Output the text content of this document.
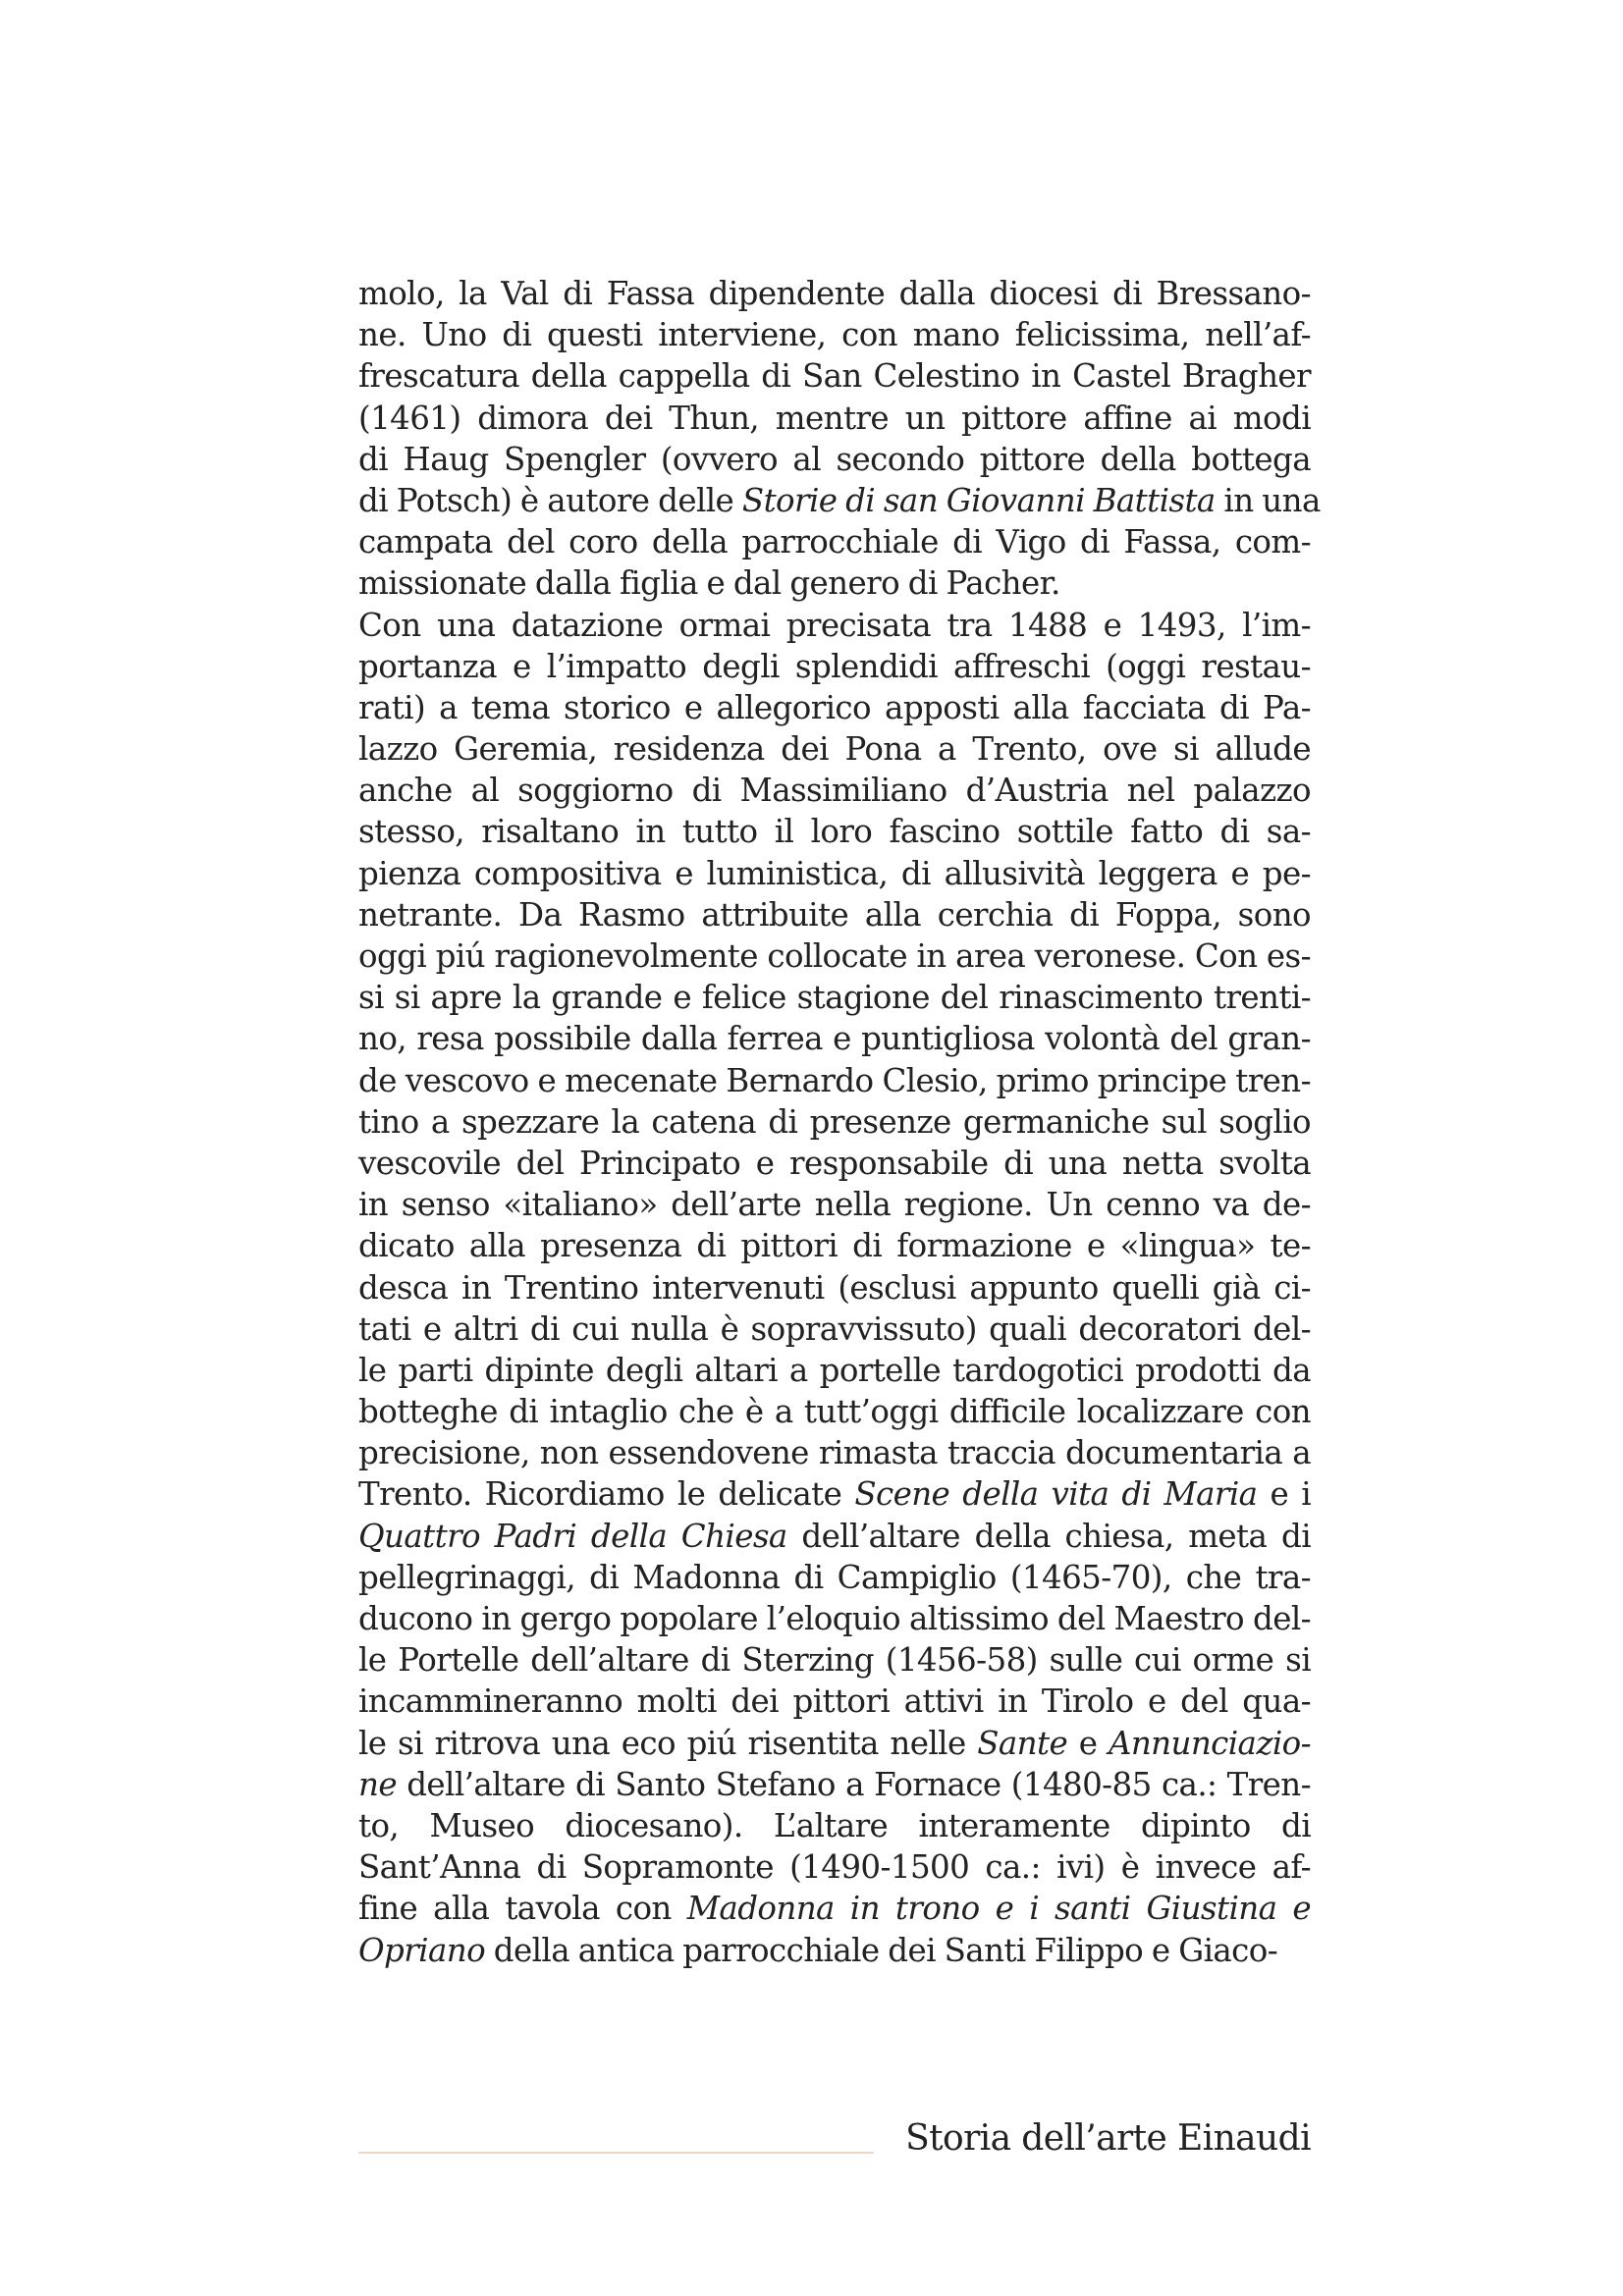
molo, la Val di Fassa dipendente dalla diocesi di Bressano-
ne. Uno di questi interviene, con mano felicissima, nell’af-
frescatura della cappella di San Celestino in Castel Bragher
(1461) dimora dei Thun, mentre un pittore affine ai modi
di Haug Spengler (ovvero al secondo pittore della bottega
di Potsch) è autore delle Storie di san Giovanni Battista in una
campata del coro della parrocchiale di Vigo di Fassa, com-
missionate dalla figlia e dal genero di Pacher.
Con una datazione ormai precisata tra 1488 e 1493, l’im-
portanza e l’impatto degli splendidi affreschi (oggi restau-
rati) a tema storico e allegorico apposti alla facciata di Pa-
lazzo Geremia, residenza dei Pona a Trento, ove si allude
anche al soggiorno di Massimiliano d’Austria nel palazzo
stesso, risaltano in tutto il loro fascino sottile fatto di sa-
pienza compositiva e luministica, di allusività leggera e pe-
netrante. Da Rasmo attribuite alla cerchia di Foppa, sono
oggi piú ragionevolmente collocate in area veronese. Con es-
si si apre la grande e felice stagione del rinascimento trenti-
no, resa possibile dalla ferrea e puntigliosa volontà del gran-
de vescovo e mecenate Bernardo Clesio, primo principe tren-
tino a spezzare la catena di presenze germaniche sul soglio
vescovile del Principato e responsabile di una netta svolta
in senso «italiano» dell’arte nella regione. Un cenno va de-
dicato alla presenza di pittori di formazione e «lingua» te-
desca in Trentino intervenuti (esclusi appunto quelli già ci-
tati e altri di cui nulla è sopravvissuto) quali decoratori del-
le parti dipinte degli altari a portelle tardogotici prodotti da
botteghe di intaglio che è a tutt’oggi difficile localizzare con
precisione, non essendovene rimasta traccia documentaria a
Trento. Ricordiamo le delicate Scene della vita di Maria e i
Quattro Padri della Chiesa dell’altare della chiesa, meta di
pellegrinaggi, di Madonna di Campiglio (1465-70), che tra-
ducono in gergo popolare l’eloquio altissimo del Maestro del-
le Portelle dell’altare di Sterzing (1456-58) sulle cui orme si
incammineranno molti dei pittori attivi in Tirolo e del qua-
le si ritrova una eco piú risentita nelle Sante e Annunciazio-
ne dell’altare di Santo Stefano a Fornace (1480-85 ca.: Tren-
to, Museo diocesano). L’altare interamente dipinto di
Sant’Anna di Sopramonte (1490-1500 ca.: ivi) è invece af-
fine alla tavola con Madonna in trono e i santi Giustina e
Opriano della antica parrocchiale dei Santi Filippo e Giaco-
Storia dell’arte Einaudi
